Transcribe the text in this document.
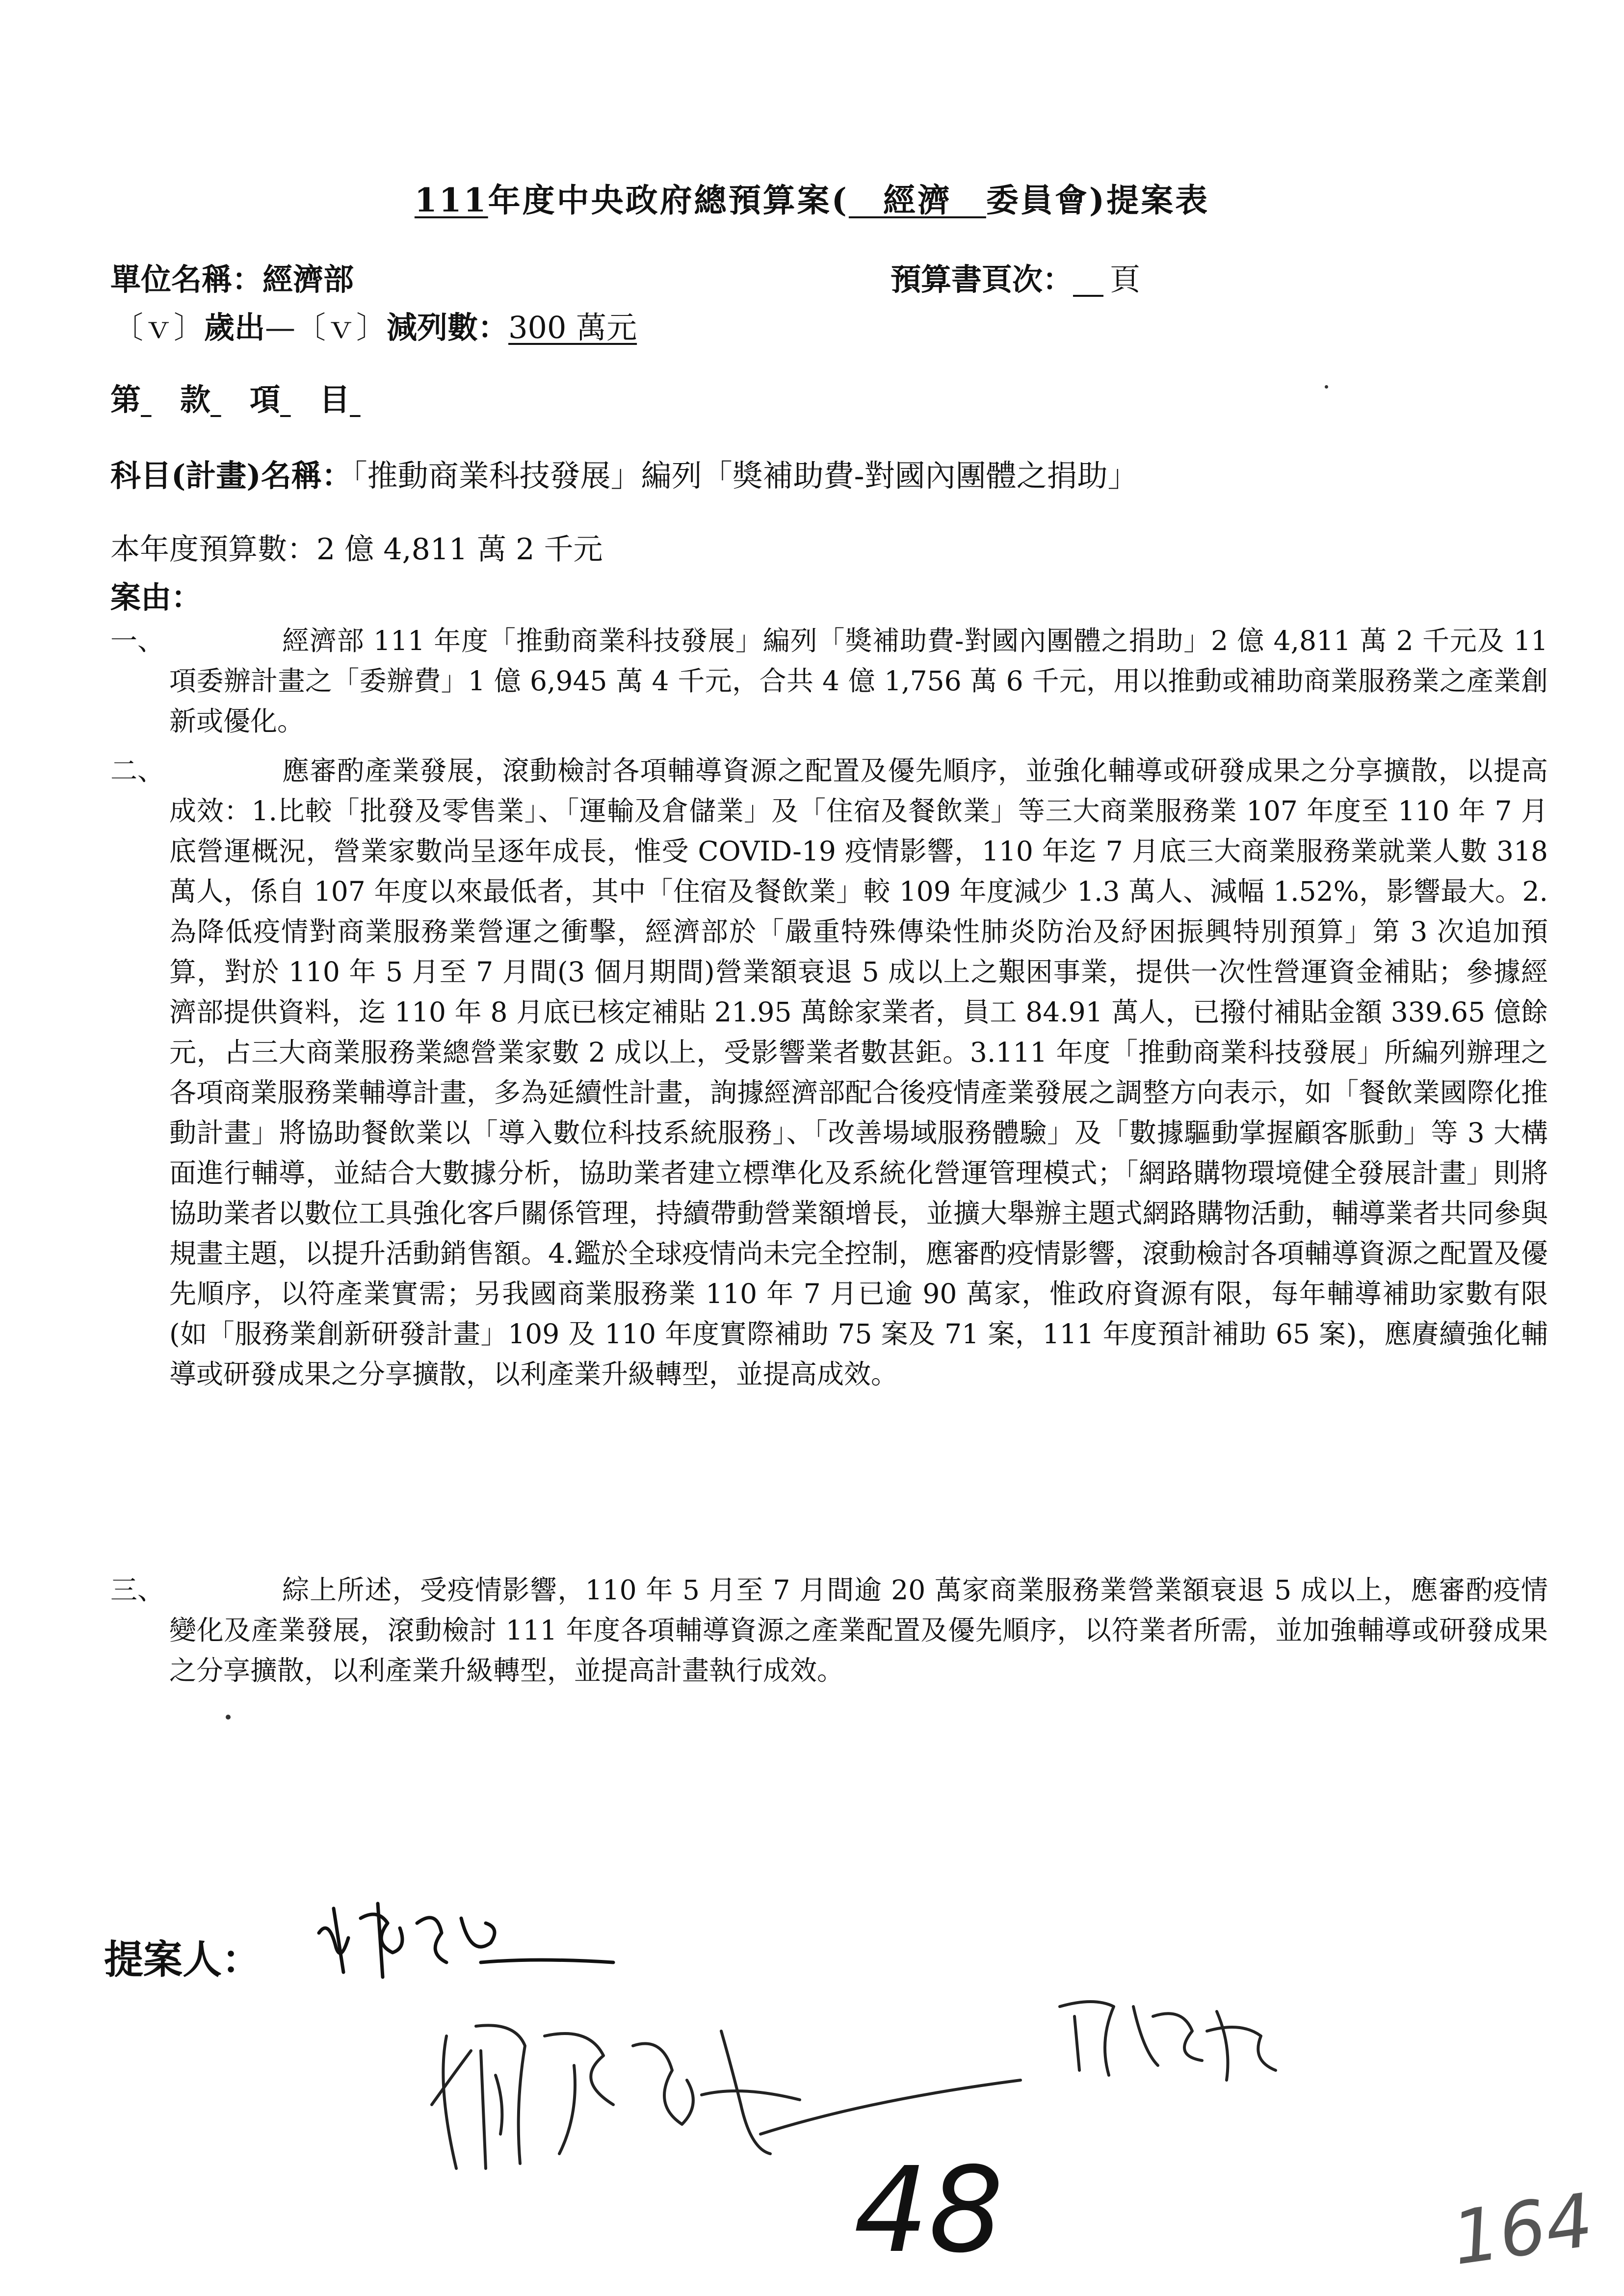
111年度中央政府總預算案(　經濟　委員會)提案表
單位名稱：經濟部	預算書頁次：　 頁
〔ｖ〕歲出—〔ｖ〕減列數：300 萬元
第 款 項 目
科目(計畫)名稱：「推動商業科技發展」編列「獎補助費-對國內團體之捐助」
本年度預算數：2 億 4,811 萬 2 千元
案由：
一、	經濟部 111 年度「推動商業科技發展」編列「獎補助費-對國內團體之捐助」2 億 4,811 萬 2 千元及 11 項委辦計畫之「委辦費」1 億 6,945 萬 4 千元，合共 4 億 1,756 萬 6 千元，用以推動或補助商業服務業之產業創新或優化。
二、	應審酌產業發展，滾動檢討各項輔導資源之配置及優先順序，並強化輔導或研發成果之分享擴散，以提高成效：1.比較「批發及零售業」、「運輸及倉儲業」及「住宿及餐飲業」等三大商業服務業 107 年度至 110 年 7 月底營運概況，營業家數尚呈逐年成長，惟受 COVID-19 疫情影響，110 年迄 7 月底三大商業服務業就業人數 318 萬人，係自 107 年度以來最低者，其中「住宿及餐飲業」較 109 年度減少 1.3 萬人、減幅 1.52%，影響最大。2.為降低疫情對商業服務業營運之衝擊，經濟部於「嚴重特殊傳染性肺炎防治及紓困振興特別預算」第 3 次追加預算，對於 110 年 5 月至 7 月間(3 個月期間)營業額衰退 5 成以上之艱困事業，提供一次性營運資金補貼；參據經濟部提供資料，迄 110 年 8 月底已核定補貼 21.95 萬餘家業者，員工 84.91 萬人，已撥付補貼金額 339.65 億餘元，占三大商業服務業總營業家數 2 成以上，受影響業者數甚鉅。3.111 年度「推動商業科技發展」所編列辦理之各項商業服務業輔導計畫，多為延續性計畫，詢據經濟部配合後疫情產業發展之調整方向表示，如「餐飲業國際化推動計畫」將協助餐飲業以「導入數位科技系統服務」、「改善場域服務體驗」及「數據驅動掌握顧客脈動」等 3 大構面進行輔導，並結合大數據分析，協助業者建立標準化及系統化營運管理模式；「網路購物環境健全發展計畫」則將協助業者以數位工具強化客戶關係管理，持續帶動營業額增長，並擴大舉辦主題式網路購物活動，輔導業者共同參與規畫主題，以提升活動銷售額。4.鑑於全球疫情尚未完全控制，應審酌疫情影響，滾動檢討各項輔導資源之配置及優先順序，以符產業實需；另我國商業服務業 110 年 7 月已逾 90 萬家，惟政府資源有限，每年輔導補助家數有限(如「服務業創新研發計畫」109 及 110 年度實際補助 75 案及 71 案，111 年度預計補助 65 案)，應賡續強化輔導或研發成果之分享擴散，以利產業升級轉型，並提高成效。
三、	綜上所述，受疫情影響，110 年 5 月至 7 月間逾 20 萬家商業服務業營業額衰退 5 成以上，應審酌疫情變化及產業發展，滾動檢討 111 年度各項輔導資源之產業配置及優先順序，以符業者所需，並加強輔導或研發成果之分享擴散，以利產業升級轉型，並提高計畫執行成效。
提案人：
48	164
